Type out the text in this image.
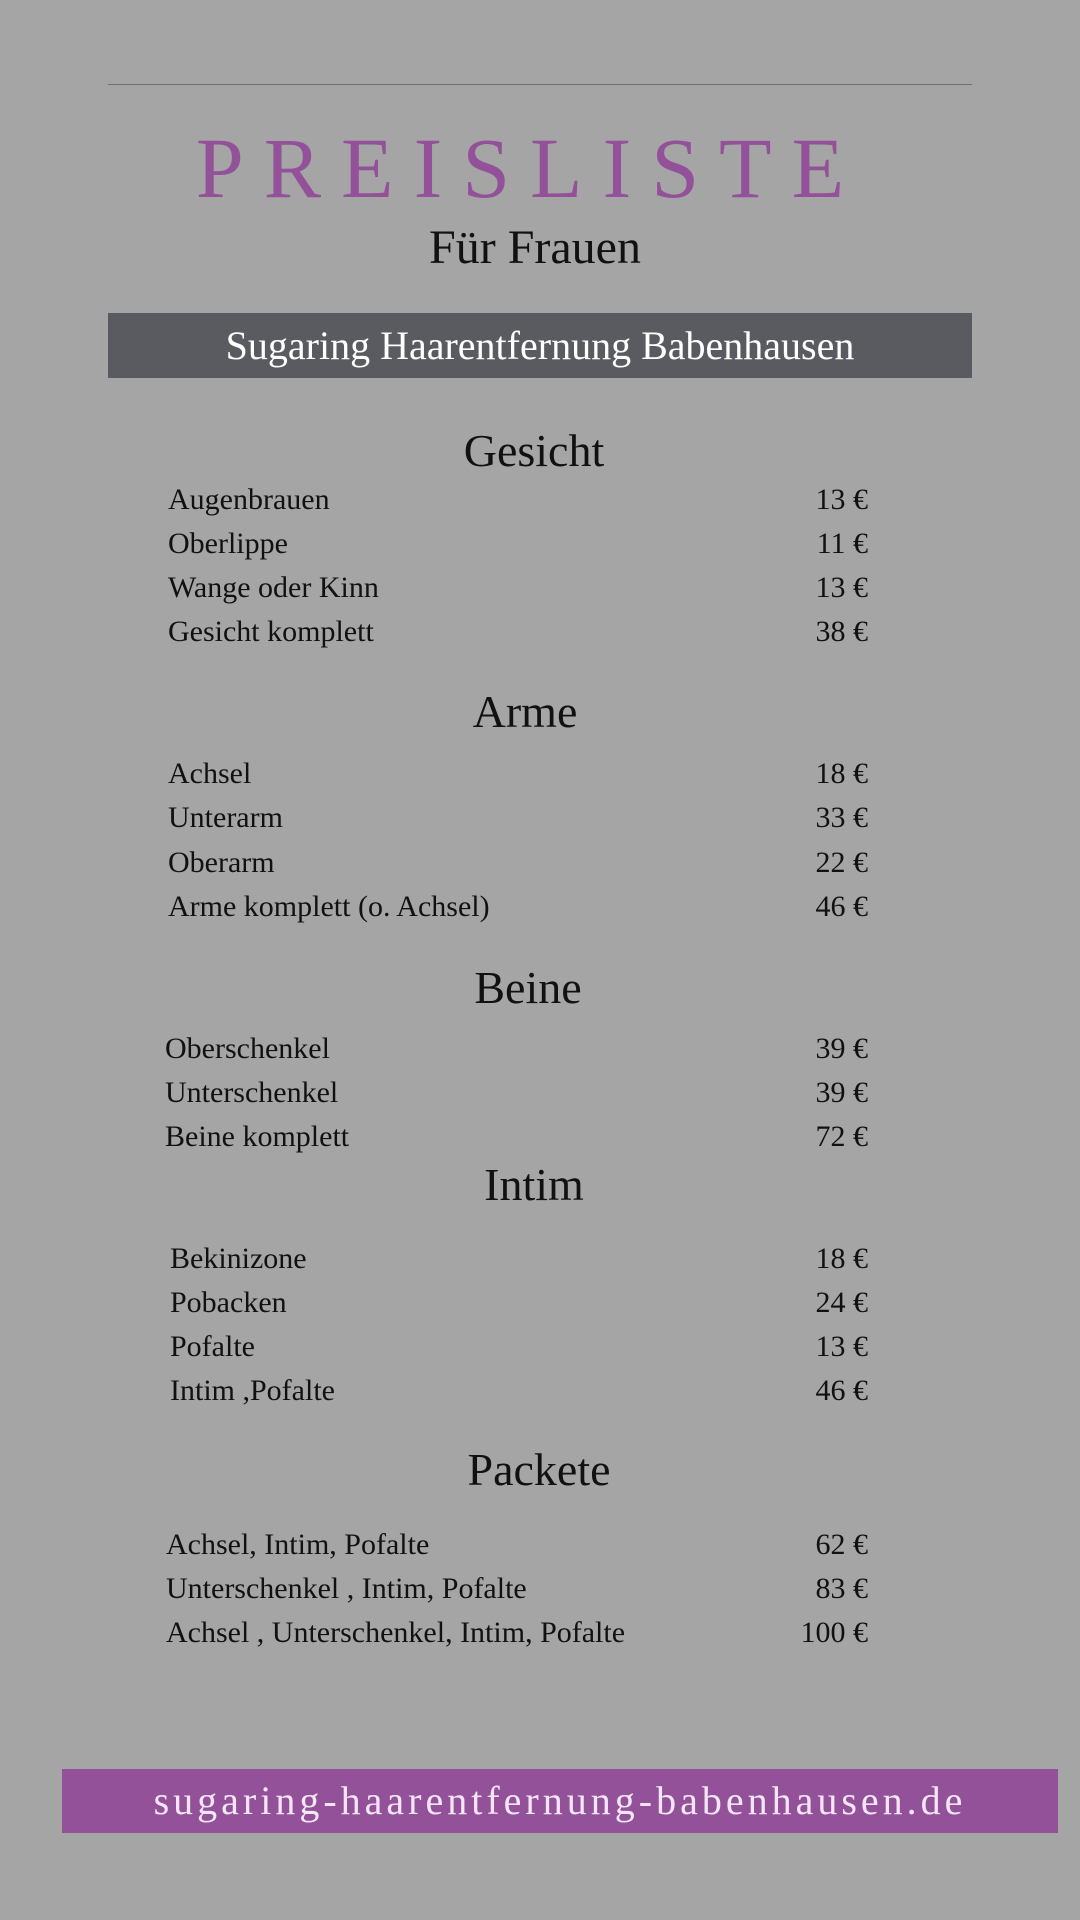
PREISLISTE
Für Frauen
Sugaring Haarentfernung Babenhausen
Gesicht
Augenbrauen	13 €
Oberlippe	11 €
Wange oder Kinn	13 €
Gesicht komplett	38 €
Arme
Achsel	18 €
Unterarm	33 €
Oberarm	22 €
Arme komplett (o. Achsel)	46 €
Beine
Oberschenkel	39 €
Unterschenkel	39 €
Beine komplett	72 €
Intim
Bekinizone	18 €
Pobacken	24 €
Pofalte	13 €
Intim ,Pofalte	46 €
Packete
Achsel, Intim, Pofalte	62 €
Unterschenkel , Intim, Pofalte	83 €
Achsel , Unterschenkel, Intim, Pofalte	100 €
sugaring-haarentfernung-babenhausen.de
